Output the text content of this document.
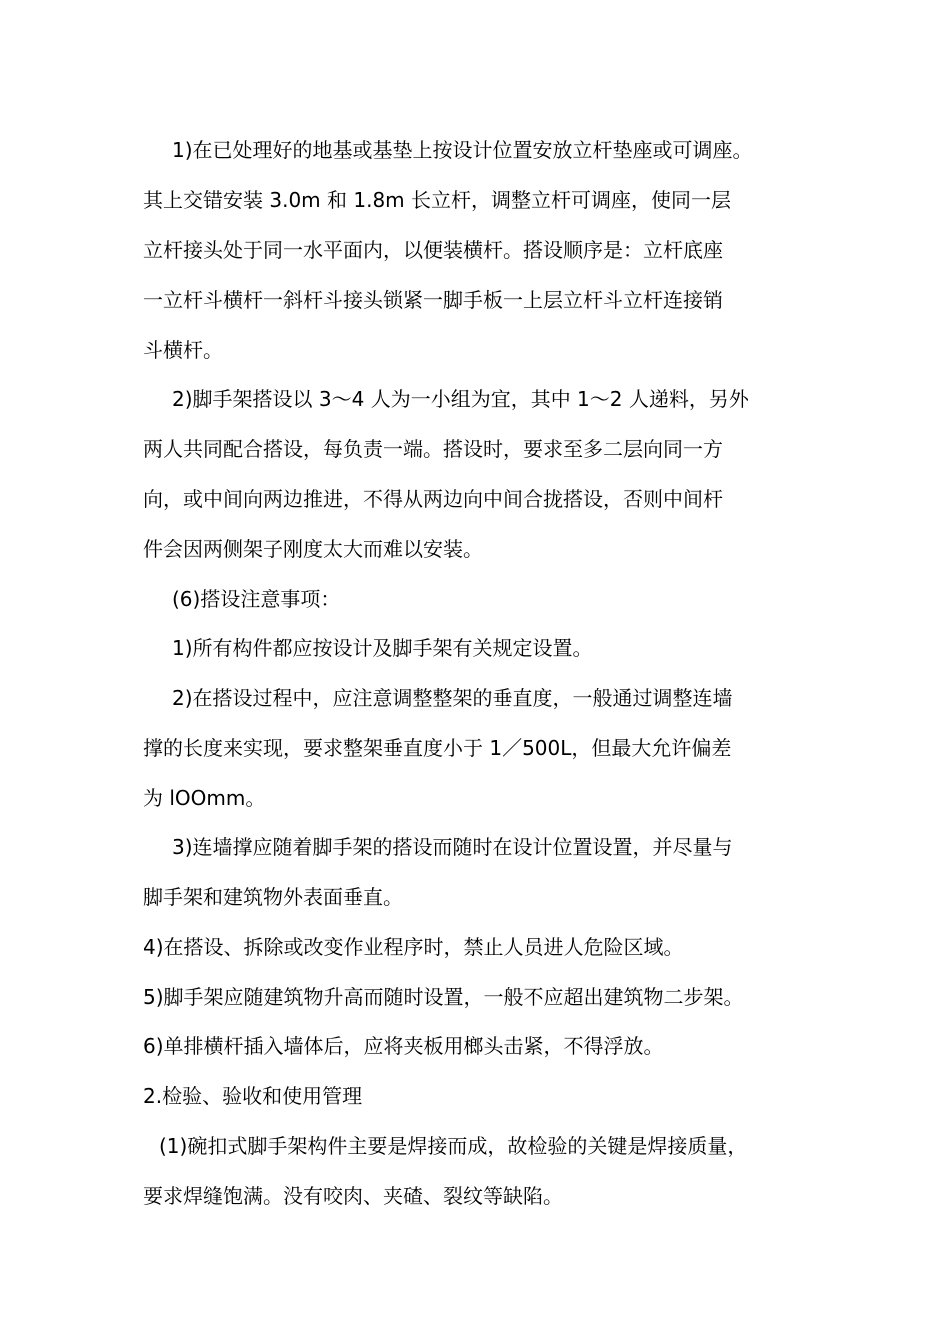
1)在已处理好的地基或基垫上按设计位置安放立杆垫座或可调座。
其上交错安装 3.0m 和 1.8m 长立杆，调整立杆可调座，使同一层
立杆接头处于同一水平面内，以便装横杆。搭设顺序是：立杆底座
一立杆斗横杆一斜杆斗接头锁紧一脚手板一上层立杆斗立杆连接销
斗横杆。
2)脚手架搭设以 3～4 人为一小组为宜，其中 1～2 人递料，另外
两人共同配合搭设，每负责一端。搭设时，要求至多二层向同一方
向，或中间向两边推进，不得从两边向中间合拢搭设，否则中间杆
件会因两侧架子刚度太大而难以安装。
(6)搭设注意事项：
1)所有构件都应按设计及脚手架有关规定设置。
2)在搭设过程中，应注意调整整架的垂直度，一般通过调整连墙
撑的长度来实现，要求整架垂直度小于 1／500L，但最大允许偏差
为 lOOmm。
3)连墙撑应随着脚手架的搭设而随时在设计位置设置，并尽量与
脚手架和建筑物外表面垂直。
4)在搭设、拆除或改变作业程序时，禁止人员进人危险区域。
5)脚手架应随建筑物升高而随时设置，一般不应超出建筑物二步架。
6)单排横杆插入墙体后，应将夹板用榔头击紧，不得浮放。
2.检验、验收和使用管理
(1)碗扣式脚手架构件主要是焊接而成，故检验的关键是焊接质量，
要求焊缝饱满。没有咬肉、夹碴、裂纹等缺陷。
